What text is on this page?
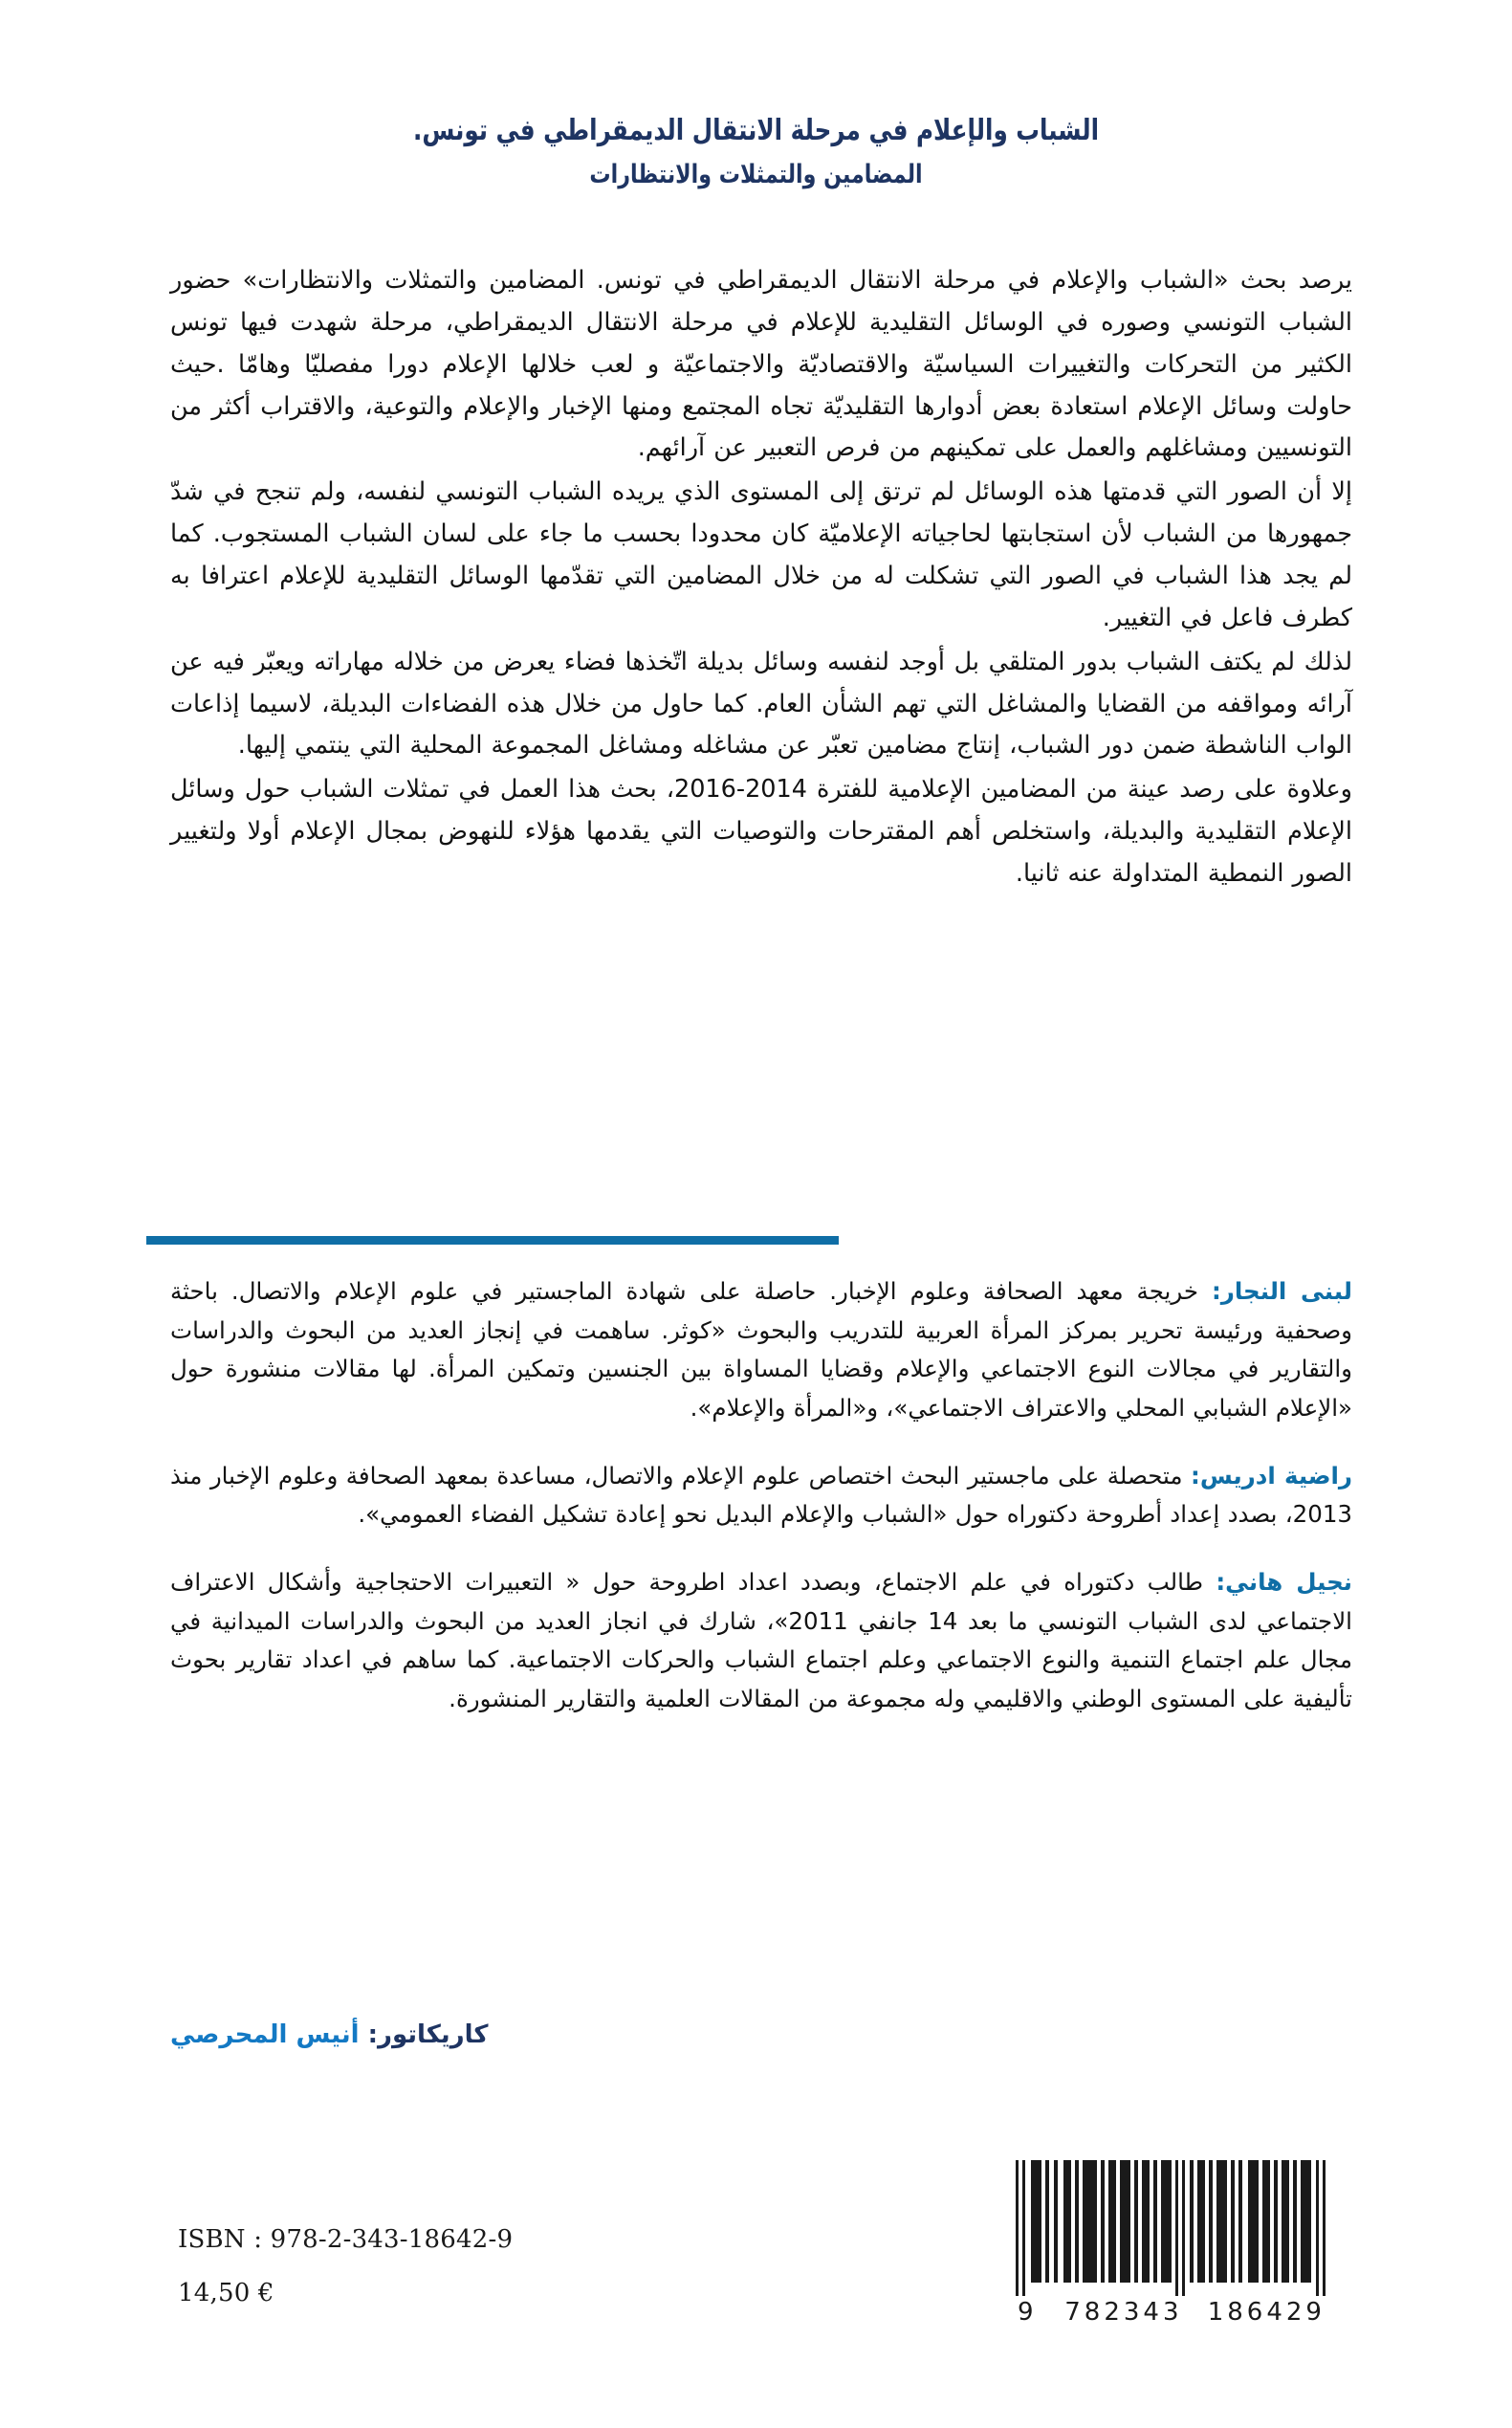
الشباب والإعلام في مرحلة الانتقال الديمقراطي في تونس.
المضامين والتمثلات والانتظارات

يرصد بحث «الشباب والإعلام في مرحلة الانتقال الديمقراطي في تونس. المضامين والتمثلات والانتظارات» حضور الشباب التونسي وصوره في الوسائل التقليدية للإعلام في مرحلة الانتقال الديمقراطي، مرحلة شهدت فيها تونس الكثير من التحركات والتغييرات السياسيّة والاقتصاديّة والاجتماعيّة و لعب خلالها الإعلام دورا مفصليّا وهامّا .حيث حاولت وسائل الإعلام استعادة بعض أدوارها التقليديّة تجاه المجتمع ومنها الإخبار والإعلام والتوعية، والاقتراب أكثر من التونسيين ومشاغلهم والعمل على تمكينهم من فرص التعبير عن آرائهم.

إلا أن الصور التي قدمتها هذه الوسائل لم ترتق إلى المستوى الذي يريده الشباب التونسي لنفسه، ولم تنجح في شدّ جمهورها من الشباب لأن استجابتها لحاجياته الإعلاميّة كان محدودا بحسب ما جاء على لسان الشباب المستجوب. كما لم يجد هذا الشباب في الصور التي تشكلت له من خلال المضامين التي تقدّمها الوسائل التقليدية للإعلام اعترافا به كطرف فاعل في التغيير.

لذلك لم يكتف الشباب بدور المتلقي بل أوجد لنفسه وسائل بديلة اتّخذها فضاء يعرض من خلاله مهاراته ويعبّر فيه عن آرائه ومواقفه من القضايا والمشاغل التي تهم الشأن العام. كما حاول من خلال هذه الفضاءات البديلة، لاسيما إذاعات الواب الناشطة ضمن دور الشباب، إنتاج مضامين تعبّر عن مشاغله ومشاغل المجموعة المحلية التي ينتمي إليها.

وعلاوة على رصد عينة من المضامين الإعلامية للفترة 2014-2016، بحث هذا العمل في تمثلات الشباب حول وسائل الإعلام التقليدية والبديلة، واستخلص أهم المقترحات والتوصيات التي يقدمها هؤلاء للنهوض بمجال الإعلام أولا ولتغيير الصور النمطية المتداولة عنه ثانيا.

لبنى النجار: خريجة معهد الصحافة وعلوم الإخبار. حاصلة على شهادة الماجستير في علوم الإعلام والاتصال. باحثة وصحفية ورئيسة تحرير بمركز المرأة العربية للتدريب والبحوث «كوثر. ساهمت في إنجاز العديد من البحوث والدراسات والتقارير في مجالات النوع الاجتماعي والإعلام وقضايا المساواة بين الجنسين وتمكين المرأة. لها مقالات منشورة حول «الإعلام الشبابي المحلي والاعتراف الاجتماعي»، و«المرأة والإعلام».

راضية ادريس: متحصلة على ماجستير البحث اختصاص علوم الإعلام والاتصال، مساعدة بمعهد الصحافة وعلوم الإخبار منذ 2013، بصدد إعداد أطروحة دكتوراه حول «الشباب والإعلام البديل نحو إعادة تشكيل الفضاء العمومي».

نجيل هاني: طالب دكتوراه في علم الاجتماع، وبصدد اعداد اطروحة حول « التعبيرات الاحتجاجية وأشكال الاعتراف الاجتماعي لدى الشباب التونسي ما بعد 14 جانفي 2011»، شارك في انجاز العديد من البحوث والدراسات الميدانية في مجال علم اجتماع التنمية والنوع الاجتماعي وعلم اجتماع الشباب والحركات الاجتماعية. كما ساهم في اعداد تقارير بحوث تأليفية على المستوى الوطني والاقليمي وله مجموعة من المقالات العلمية والتقارير المنشورة.

كاريكاتور: أنيس المحرصي
ISBN : 978-2-343-18642-9
14,50 €
9 782343 186429
